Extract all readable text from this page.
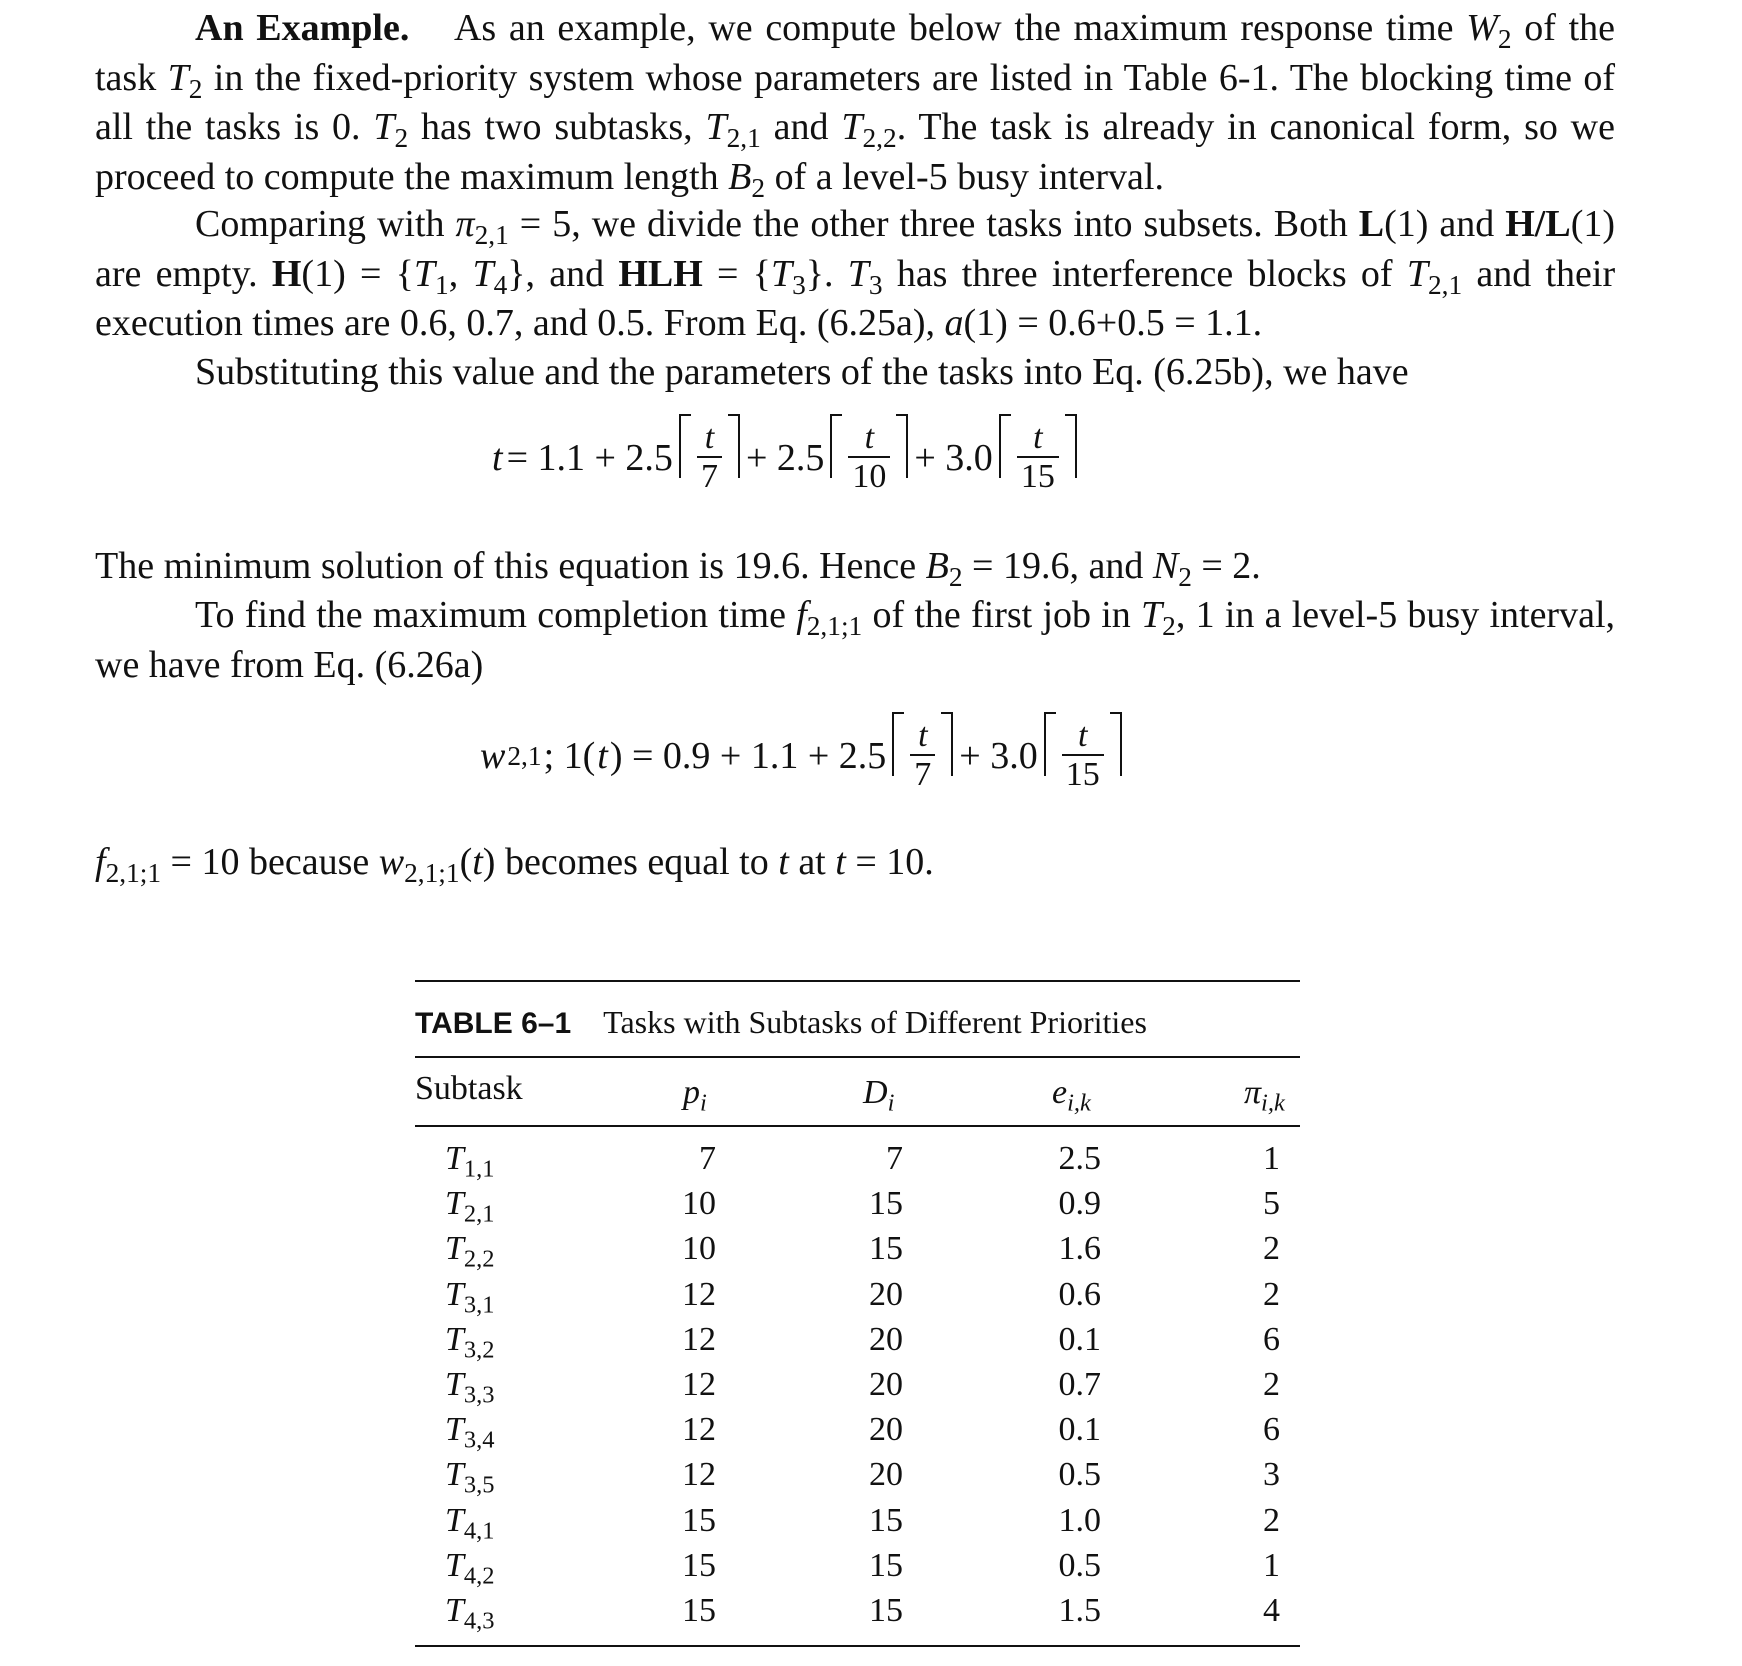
An Example. As an example, we compute below the maximum response time $W_2$ of the task $T_2$ in the fixed-priority system whose parameters are listed in Table 6-1. The blocking time of all the tasks is 0. $T_2$ has two subtasks, $T_{2,1}$ and $T_{2,2}$. The task is already in canonical form, so we proceed to compute the maximum length $B_2$ of a level-5 busy interval.
Comparing with $\pi_{2,1} = 5$, we divide the other three tasks into subsets. Both L(1) and H/L(1) are empty. $H(1) = \{T_1$, $T_4$}, and HLH = $\{T_3\}$. $T_3$ has three interference blocks of $T_{2,1}$ and their execution times are 0.6, 0.7, and 0.5. From Eq. (6.25a), a(1) = 0.6+0.5 = 1.1.
Substituting this value and the parameters of the tasks into Eq. (6.25b), we have
$t = 1.1 + 2.5 \frac{t}{7} + 2.5 \frac{t}{10} + 3.0 \frac{t}{15}$
The minimum solution of this equation is 19.6. Hence $B_2 = 19.6$, and $N_2 = 2$.
To find the maximum completion time $f_{2,1;1}$ of the first job in $T_2$, 1 in a level-5 busy interval, we have from Eq. (6.26a)
w 2,1 ; 1( t ) = $0.9 + 1.1 + 2.5 \frac{t}{7} + 3.0 \frac{t}{15}$
$f_{2,1;1} = 10$ because $w_{2,1;1}(t)$ becomes equal to t at t = 10.
TABLE 6–1 Tasks with Subtasks of Different Priorities
Subtask	$p_i$	$D_i$	$e_{i,k}$	$\pi_{i,k}$
$T_{1,1}$	7	7	2.5	1
$T_{2,1}$	10	15	0.9	5
$T_{2,2}$	10	15	1.6	2
$T_{3,1}$	12	20	0.6	2
$T_{3,2}$	12	20	0.1	6
$T_{3,3}$	12	20	0.7	2
$T_{3,4}$	12	20	0.1	6
$T_{3,5}$	12	20	0.5	3
$T_{4,1}$	15	15	1.0	2
$T_{4,2}$	15	15	0.5	1
$T_{4,3}$	15	15	1.5	4
